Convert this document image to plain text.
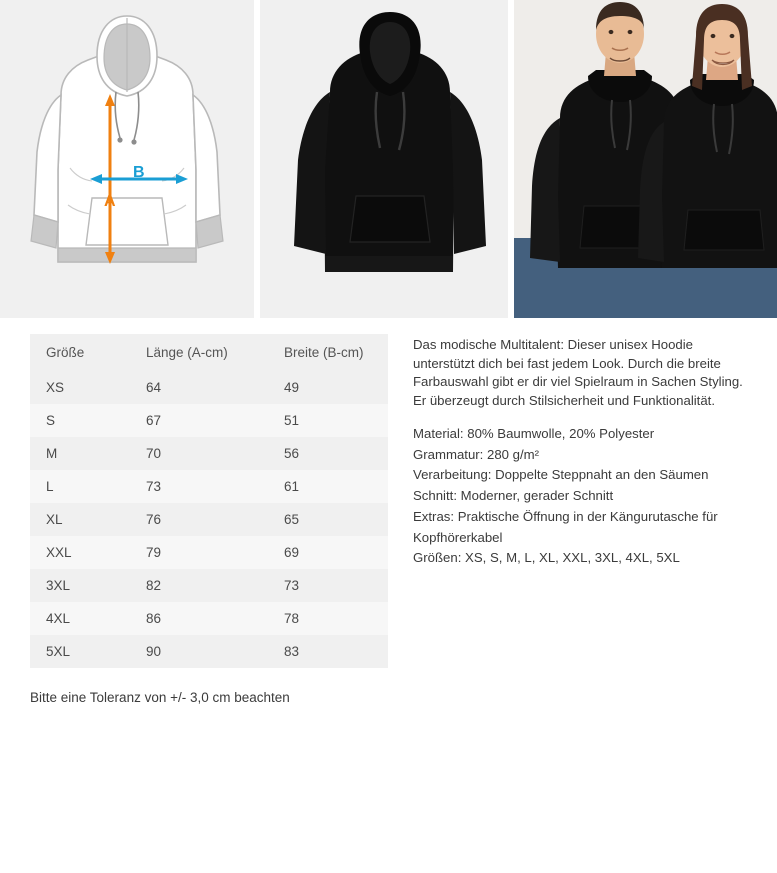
A
B
Größe	Länge (A-cm)	Breite (B-cm)
XS	64	49
S	67	51
M	70	56
L	73	61
XL	76	65
XXL	79	69
3XL	82	73
4XL	86	78
5XL	90	83

Das modische Multitalent: Dieser unisex Hoodie unterstützt dich bei fast jedem Look. Durch die breite Farbauswahl gibt er dir viel Spielraum in Sachen Styling. Er überzeugt durch Stilsicherheit und Funktionalität.

Material: 80% Baumwolle, 20% Polyester
Grammatur: 280 g/m²
Verarbeitung: Doppelte Steppnaht an den Säumen
Schnitt: Moderner, gerader Schnitt
Extras: Praktische Öffnung in der Kängurutasche für
Kopfhörerkabel
Größen: XS, S, M, L, XL, XXL, 3XL, 4XL, 5XL
Bitte eine Toleranz von +/- 3,0 cm beachten
